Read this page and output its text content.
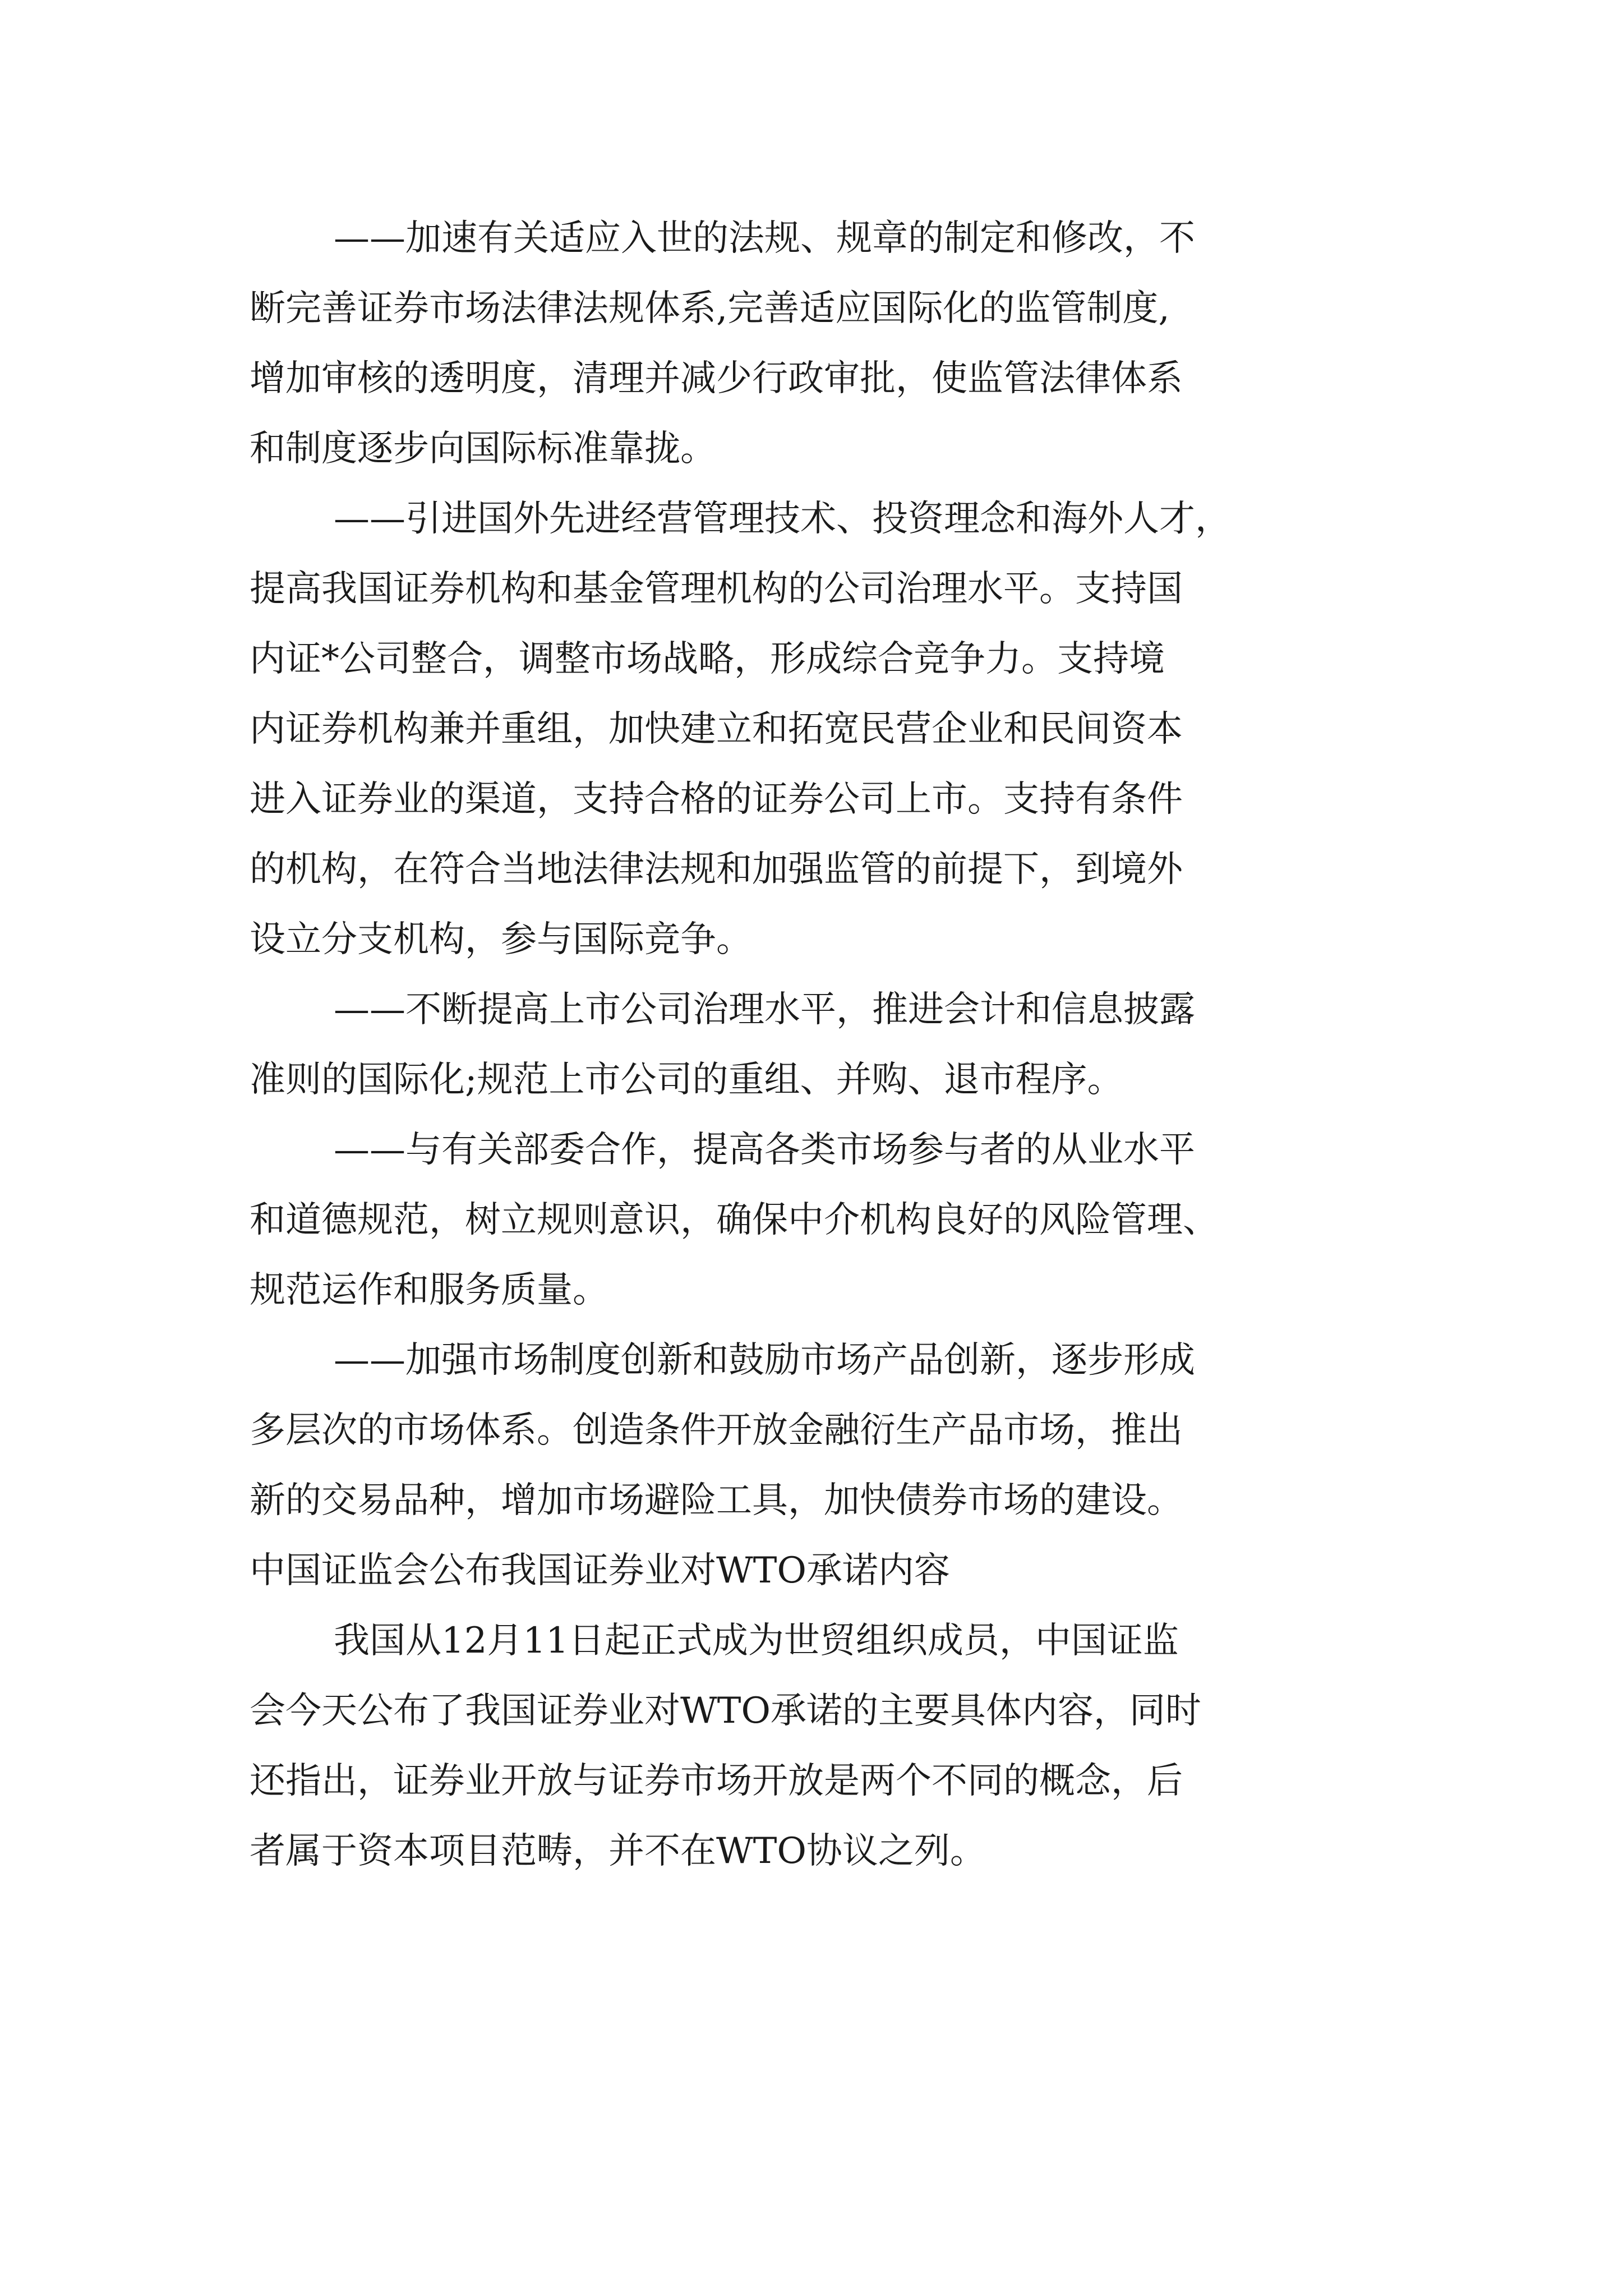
——加速有关适应入世的法规、规章的制定和修改，不
断完善证券市场法律法规体系,完善适应国际化的监管制度,
增加审核的透明度，清理并减少行政审批，使监管法律体系
和制度逐步向国际标准靠拢。
——引进国外先进经营管理技术、投资理念和海外人才，
提高我国证券机构和基金管理机构的公司治理水平。支持国
内证*公司整合，调整市场战略，形成综合竞争力。支持境
内证券机构兼并重组，加快建立和拓宽民营企业和民间资本
进入证券业的渠道，支持合格的证券公司上市。支持有条件
的机构，在符合当地法律法规和加强监管的前提下，到境外
设立分支机构，参与国际竞争。
——不断提高上市公司治理水平，推进会计和信息披露
准则的国际化;规范上市公司的重组、并购、退市程序。
——与有关部委合作，提高各类市场参与者的从业水平
和道德规范，树立规则意识，确保中介机构良好的风险管理、
规范运作和服务质量。
——加强市场制度创新和鼓励市场产品创新，逐步形成
多层次的市场体系。创造条件开放金融衍生产品市场，推出
新的交易品种，增加市场避险工具，加快债券市场的建设。
中国证监会公布我国证券业对WTO承诺内容
我国从12月11日起正式成为世贸组织成员，中国证监
会今天公布了我国证券业对WTO承诺的主要具体内容，同时
还指出，证券业开放与证券市场开放是两个不同的概念，后
者属于资本项目范畴，并不在WTO协议之列。
